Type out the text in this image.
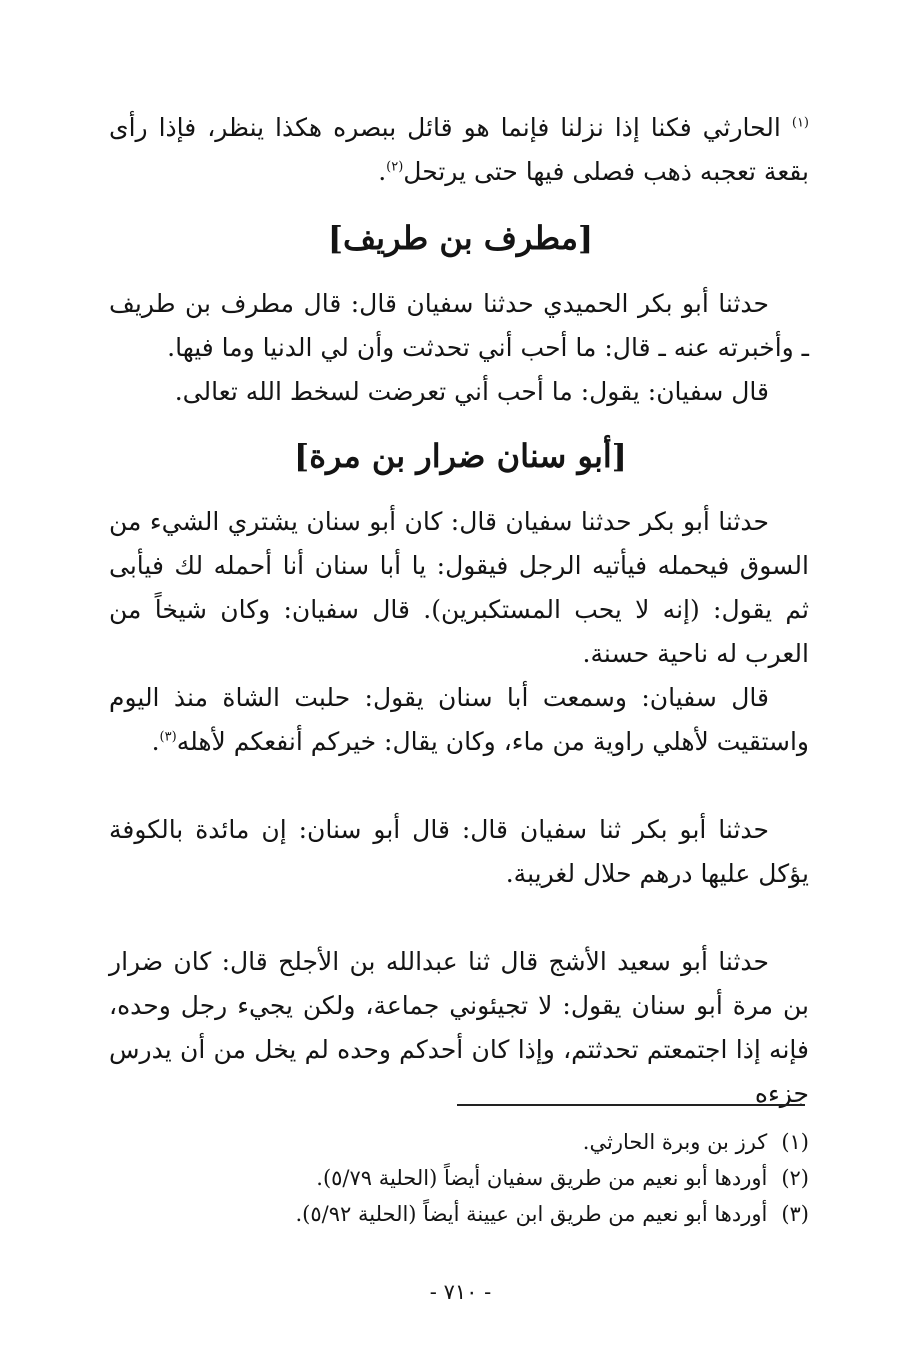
$^{(١)}$ الحارثي فكنا إذا نزلنا فإنما هو قائل ببصره هكذا ينظر، فإذا رأى بقعة تعجبه ذهب فصلى فيها حتى يرتحل$^{(٢)}$.

[مطرف بن طريف]

حدثنا أبو بكر الحميدي حدثنا سفيان قال: قال مطرف بن طريف ـ وأخبرته عنه ـ قال: ما أحب أني تحدثت وأن لي الدنيا وما فيها.

قال سفيان: يقول: ما أحب أني تعرضت لسخط الله تعالى.

[أبو سنان ضرار بن مرة]

حدثنا أبو بكر حدثنا سفيان قال: كان أبو سنان يشتري الشيء من السوق فيحمله فيأتيه الرجل فيقول: يا أبا سنان أنا أحمله لك فيأبى ثم يقول: (إنه لا يحب المستكبرين). قال سفيان: وكان شيخاً من العرب له ناحية حسنة.

قال سفيان: وسمعت أبا سنان يقول: حلبت الشاة منذ اليوم واستقيت لأهلي راوية من ماء، وكان يقال: خيركم أنفعكم لأهله$^{(٣)}$.

حدثنا أبو بكر ثنا سفيان قال: قال أبو سنان: إن مائدة بالكوفة يؤكل عليها درهم حلال لغريبة.

حدثنا أبو سعيد الأشج قال ثنا عبدالله بن الأجلح قال: كان ضرار بن مرة أبو سنان يقول: لا تجيئوني جماعة، ولكن يجيء رجل وحده، فإنه إذا اجتمعتم تحدثتم، وإذا كان أحدكم وحده لم يخل من أن يدرس جزءه

(١)كرز بن وبرة الحارثي.
(٢)أوردها أبو نعيم من طريق سفيان أيضاً (الحلية ٥/٧٩).
(٣)أوردها أبو نعيم من طريق ابن عيينة أيضاً (الحلية ٥/٩٢).
- ٧١٠ -
